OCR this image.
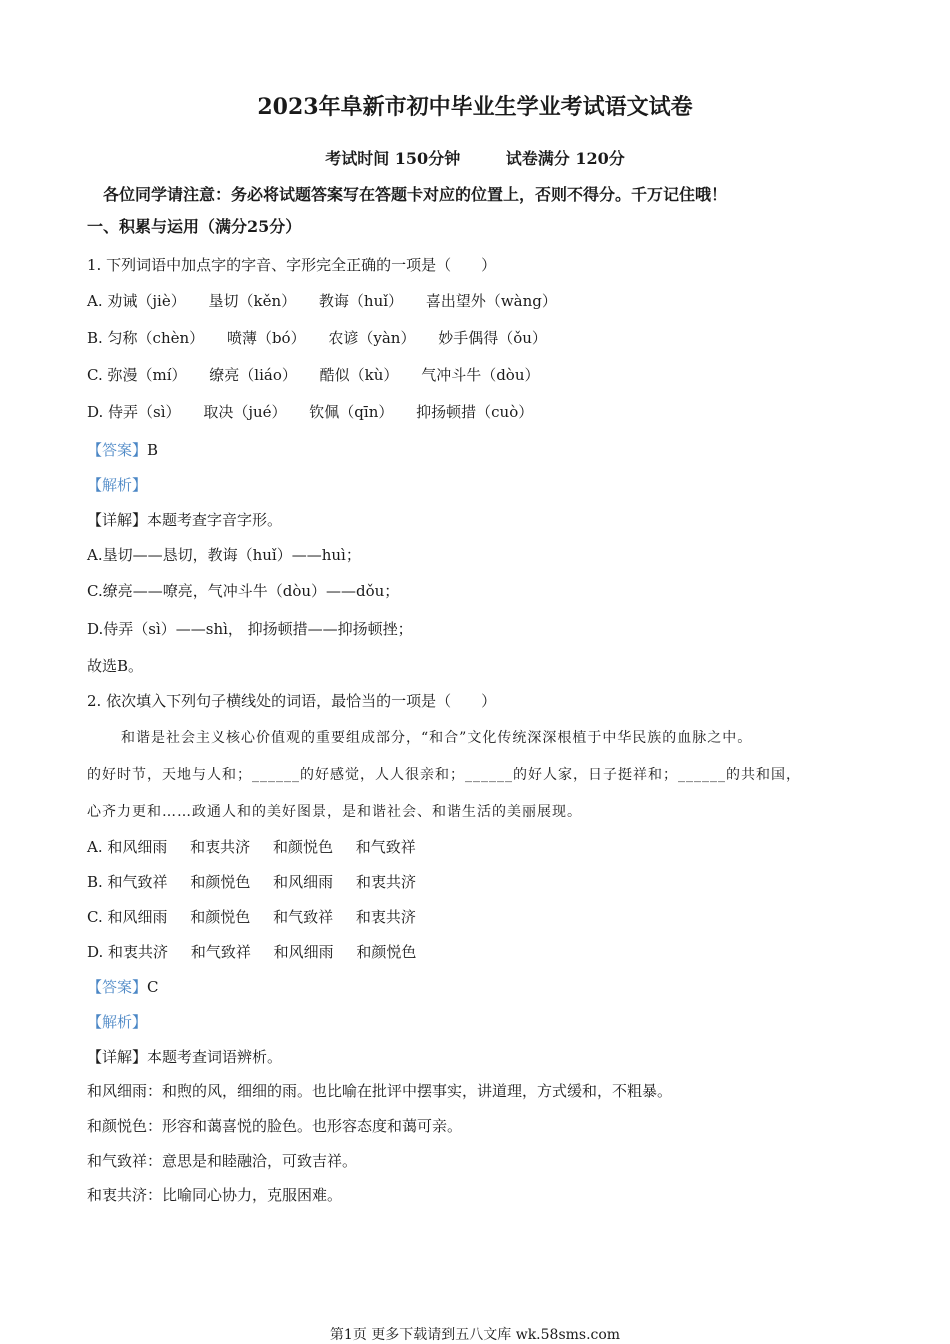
2023年阜新市初中毕业生学业考试语文试卷
考试时间 150分钟	试卷满分 120分
各位同学请注意：务必将试题答案写在答题卡对应的位置上，否则不得分。千万记住哦！
一、积累与运用（满分25分）
1. 下列词语中加点字的字音、字形完全正确的一项是（　　）
A. 劝诫（jiè） 垦切（kěn） 教诲（huǐ） 喜出望外（wàng）
B. 匀称（chèn） 喷薄（bó） 农谚（yàn） 妙手偶得（ǒu）
C. 弥漫（mí） 缭亮（liáo） 酷似（kù） 气冲斗牛（dòu）
D. 侍弄（sì） 取决（jué） 钦佩（qīn） 抑扬顿措（cuò）
【答案】B
【解析】
【详解】本题考查字音字形。
A.垦切——恳切，教诲（huǐ）——huì；
C.缭亮——嘹亮，气冲斗牛（dòu）——dǒu；
D.侍弄（sì）——shì， 抑扬顿措——抑扬顿挫；
故选B。
2. 依次填入下列句子横线处的词语，最恰当的一项是（　　）
和谐是社会主义核心价值观的重要组成部分，“和合”文化传统深深根植于中华民族的血脉之中。
的好时节，天地与人和；______的好感觉，人人很亲和；______的好人家，日子挺祥和；______的共和国，
心齐力更和……政通人和的美好图景，是和谐社会、和谐生活的美丽展现。
A. 和风细雨 和衷共济 和颜悦色 和气致祥
B. 和气致祥 和颜悦色 和风细雨 和衷共济
C. 和风细雨 和颜悦色 和气致祥 和衷共济
D. 和衷共济 和气致祥 和风细雨 和颜悦色
【答案】C
【解析】
【详解】本题考查词语辨析。
和风细雨：和煦的风，细细的雨。也比喻在批评中摆事实，讲道理，方式缓和，不粗暴。
和颜悦色：形容和蔼喜悦的脸色。也形容态度和蔼可亲。
和气致祥：意思是和睦融洽，可致吉祥。
和衷共济：比喻同心协力，克服困难。
第1页 更多下载请到五八文库 wk.58sms.com
